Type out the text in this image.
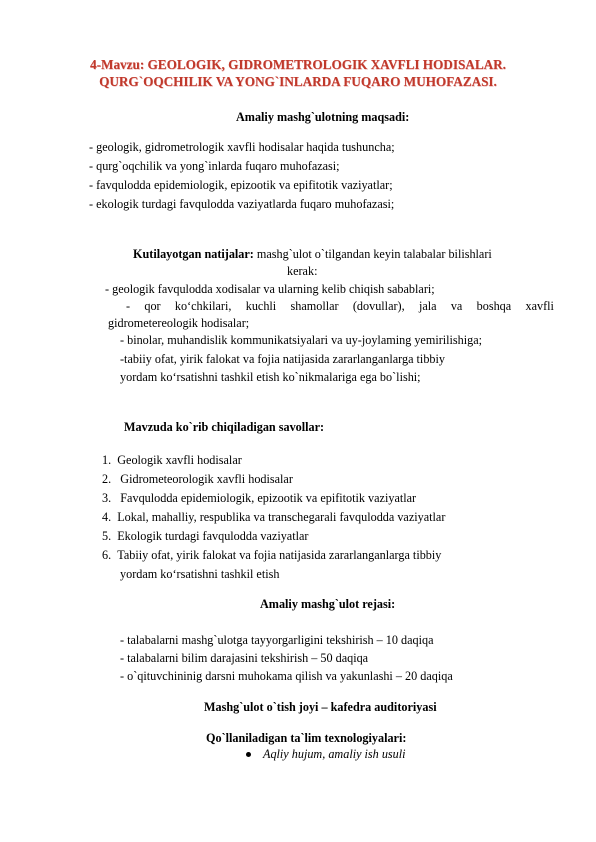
4-Mavzu: GEOLOGIK, GIDROMETROLOGIK XAVFLI HODISALAR.
QURG`OQCHILIK VA YONG`INLARDA FUQARO MUHOFAZASI.
Amaliy mashg`ulotning maqsadi:
- geologik, gidrometrologik xavfli hodisalar haqida tushuncha;
- qurg`oqchilik va yong`inlarda fuqaro muhofazasi;
- favqulodda epidemiologik, epizootik va epifitotik vaziyatlar;
- ekologik turdagi favqulodda vaziyatlarda fuqaro muhofazasi;
Kutilayotgan natijalar: mashg`ulot o`tilgandan keyin talabalar bilishlari
kerak:
- geologik favqulodda xodisalar va ularning kelib chiqish sabablari;
- qor ko‘chkilari, kuchli shamollar (dovullar), jala va boshqa xavfli
gidrometereologik hodisalar;
- binolar, muhandislik kommunikatsiyalari va uy-joylaming yemirilishiga;
-tabiiy ofat, yirik falokat va fojia natijasida zararlanganlarga tibbiy
yordam ko‘rsatishni tashkil etish ko`nikmalariga ega bo`lishi;
Mavzuda ko`rib chiqiladigan savollar:
1. Geologik xavfli hodisalar
2.   Gidrometeorologik xavfli hodisalar
3.   Favqulodda epidemiologik, epizootik va epifitotik vaziyatlar
4. Lokal, mahalliy, respublika va transchegarali favqulodda vaziyatlar
5. Ekologik turdagi favqulodda vaziyatlar
6. Tabiiy ofat, yirik falokat va fojia natijasida zararlanganlarga tibbiy
yordam ko‘rsatishni tashkil etish
Amaliy mashg`ulot rejasi:
- talabalarni mashg`ulotga tayyorgarligini tekshirish – 10 daqiqa
- talabalarni bilim darajasini tekshirish – 50 daqiqa
- o`qituvchininig darsni muhokama qilish va yakunlashi – 20 daqiqa
Mashg`ulot o`tish joyi – kafedra auditoriyasi
Qo`llaniladigan ta`lim texnologiyalari:
Aqliy hujum, amaliy ish usuli
